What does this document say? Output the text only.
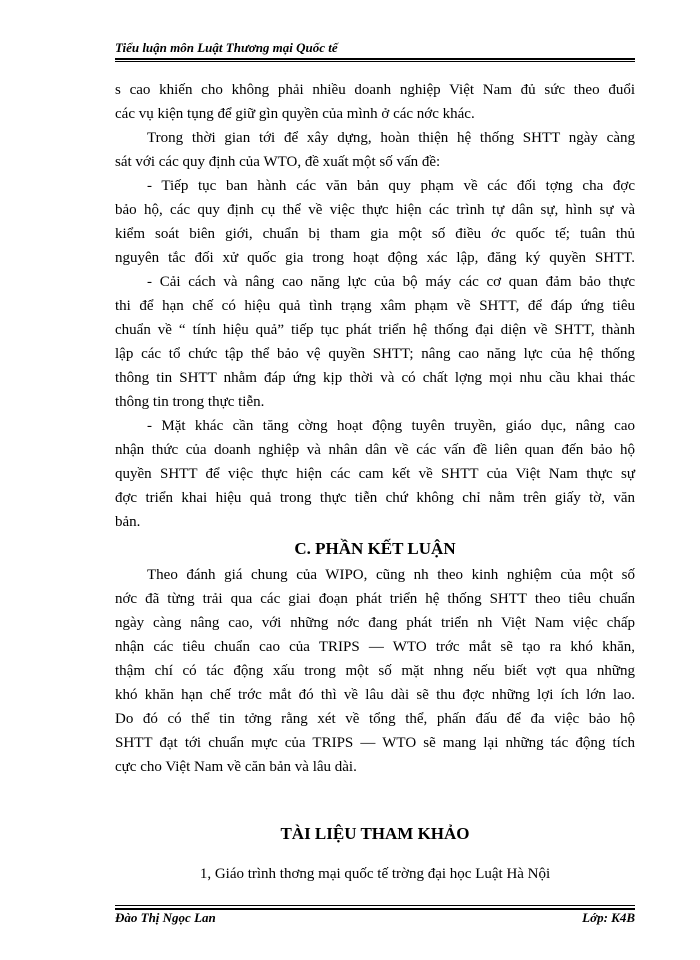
Tiểu luận môn Luật Thương mại Quốc tế
s cao khiến cho không phải nhiều doanh nghiệp Việt Nam đủ sức theo đuổi
các vụ kiện tụng để giữ gìn quyền của mình ở các nớc khác.
Trong thời gian tới để xây dựng, hoàn thiện hệ thống SHTT ngày càng
sát với các quy định của WTO, đề xuất một số vấn đề:
- Tiếp tục ban hành các văn bản quy phạm về các đối tợng cha đợc
bảo hộ, các quy định cụ thể về việc thực hiện các trình tự dân sự, hình sự và
kiểm soát biên giới, chuẩn bị tham gia một số điều ớc quốc tế; tuân thủ
nguyên tắc đối xử quốc gia trong hoạt động xác lập, đăng ký quyền SHTT.
- Cải cách và nâng cao năng lực của bộ máy các cơ quan đảm bảo thực
thi để hạn chế có hiệu quả tình trạng xâm phạm về SHTT, để đáp ứng tiêu
chuẩn về “ tính hiệu quả” tiếp tục phát triển hệ thống đại diện về SHTT, thành
lập các tổ chức tập thể bảo vệ quyền SHTT; nâng cao năng lực của hệ thống
thông tin SHTT nhằm đáp ứng kịp thời và có chất lợng mọi nhu cầu khai thác
thông tin trong thực tiễn.
- Mặt khác cần tăng cờng hoạt động tuyên truyền, giáo dục, nâng cao
nhận thức của doanh nghiệp và nhân dân về các vấn đề liên quan đến bảo hộ
quyền SHTT để việc thực hiện các cam kết về SHTT của Việt Nam thực sự
đợc triển khai hiệu quả trong thực tiễn chứ không chỉ nằm trên giấy tờ, văn
bản.
C. PHẦN KẾT LUẬN
Theo đánh giá chung của WIPO, cũng nh theo kinh nghiệm của một số
nớc đã từng trải qua các giai đoạn phát triển hệ thống SHTT theo tiêu chuẩn
ngày càng nâng cao, với những nớc đang phát triển nh Việt Nam việc chấp
nhận các tiêu chuẩn cao của TRIPS — WTO trớc mắt sẽ tạo ra khó khăn,
thậm chí có tác động xấu trong một số mặt nhng nếu biết vợt qua những
khó khăn hạn chế trớc mắt đó thì về lâu dài sẽ thu đợc những lợi ích lớn lao.
Do đó có thể tin tởng rằng xét về tổng thể, phấn đấu để đa việc bảo hộ
SHTT đạt tới chuẩn mực của TRIPS — WTO sẽ mang lại những tác động tích
cực cho Việt Nam về căn bản và lâu dài.
TÀI LIỆU THAM KHẢO
1, Giáo trình thơng mại quốc tế trờng đại học Luật Hà Nội
Đào Thị Ngọc Lan	Lớp: K4B
